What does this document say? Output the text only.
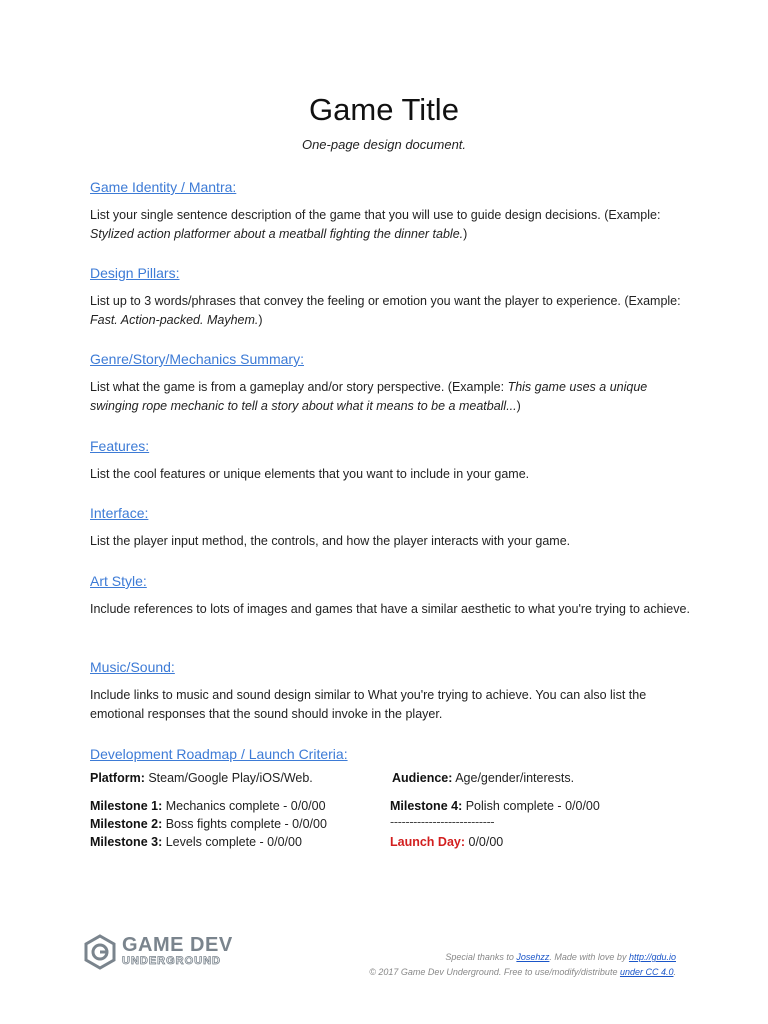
Game Title
One-page design document.
Game Identity / Mantra:

List your single sentence description of the game that you will use to guide design decisions. (Example: Stylized action platformer about a meatball fighting the dinner table.)

Design Pillars:

List up to 3 words/phrases that convey the feeling or emotion you want the player to experience. (Example: Fast. Action-packed. Mayhem.)

Genre/Story/Mechanics Summary:

List what the game is from a gameplay and/or story perspective. (Example: This game uses a unique swinging rope mechanic to tell a story about what it means to be a meatball...)

Features:

List the cool features or unique elements that you want to include in your game.

Interface:

List the player input method, the controls, and how the player interacts with your game.

Art Style:

Include references to lots of images and games that have a similar aesthetic to what you're trying to achieve.

Music/Sound:

Include links to music and sound design similar to What you're trying to achieve. You can also list the emotional responses that the sound should invoke in the player.

Development Roadmap / Launch Criteria:
Platform: Steam/Google Play/iOS/Web.	Audience: Age/gender/interests.
Milestone 1: Mechanics complete - 0/0/00
Milestone 2: Boss fights complete - 0/0/00
Milestone 3: Levels complete - 0/0/00
Milestone 4: Polish complete - 0/0/00
---------------------------
Launch Day: 0/0/00
GAME DEV
UNDERGROUND	Special thanks to Josehzz. Made with love by http://gdu.io
© 2017 Game Dev Underground. Free to use/modify/distribute under CC 4.0.
